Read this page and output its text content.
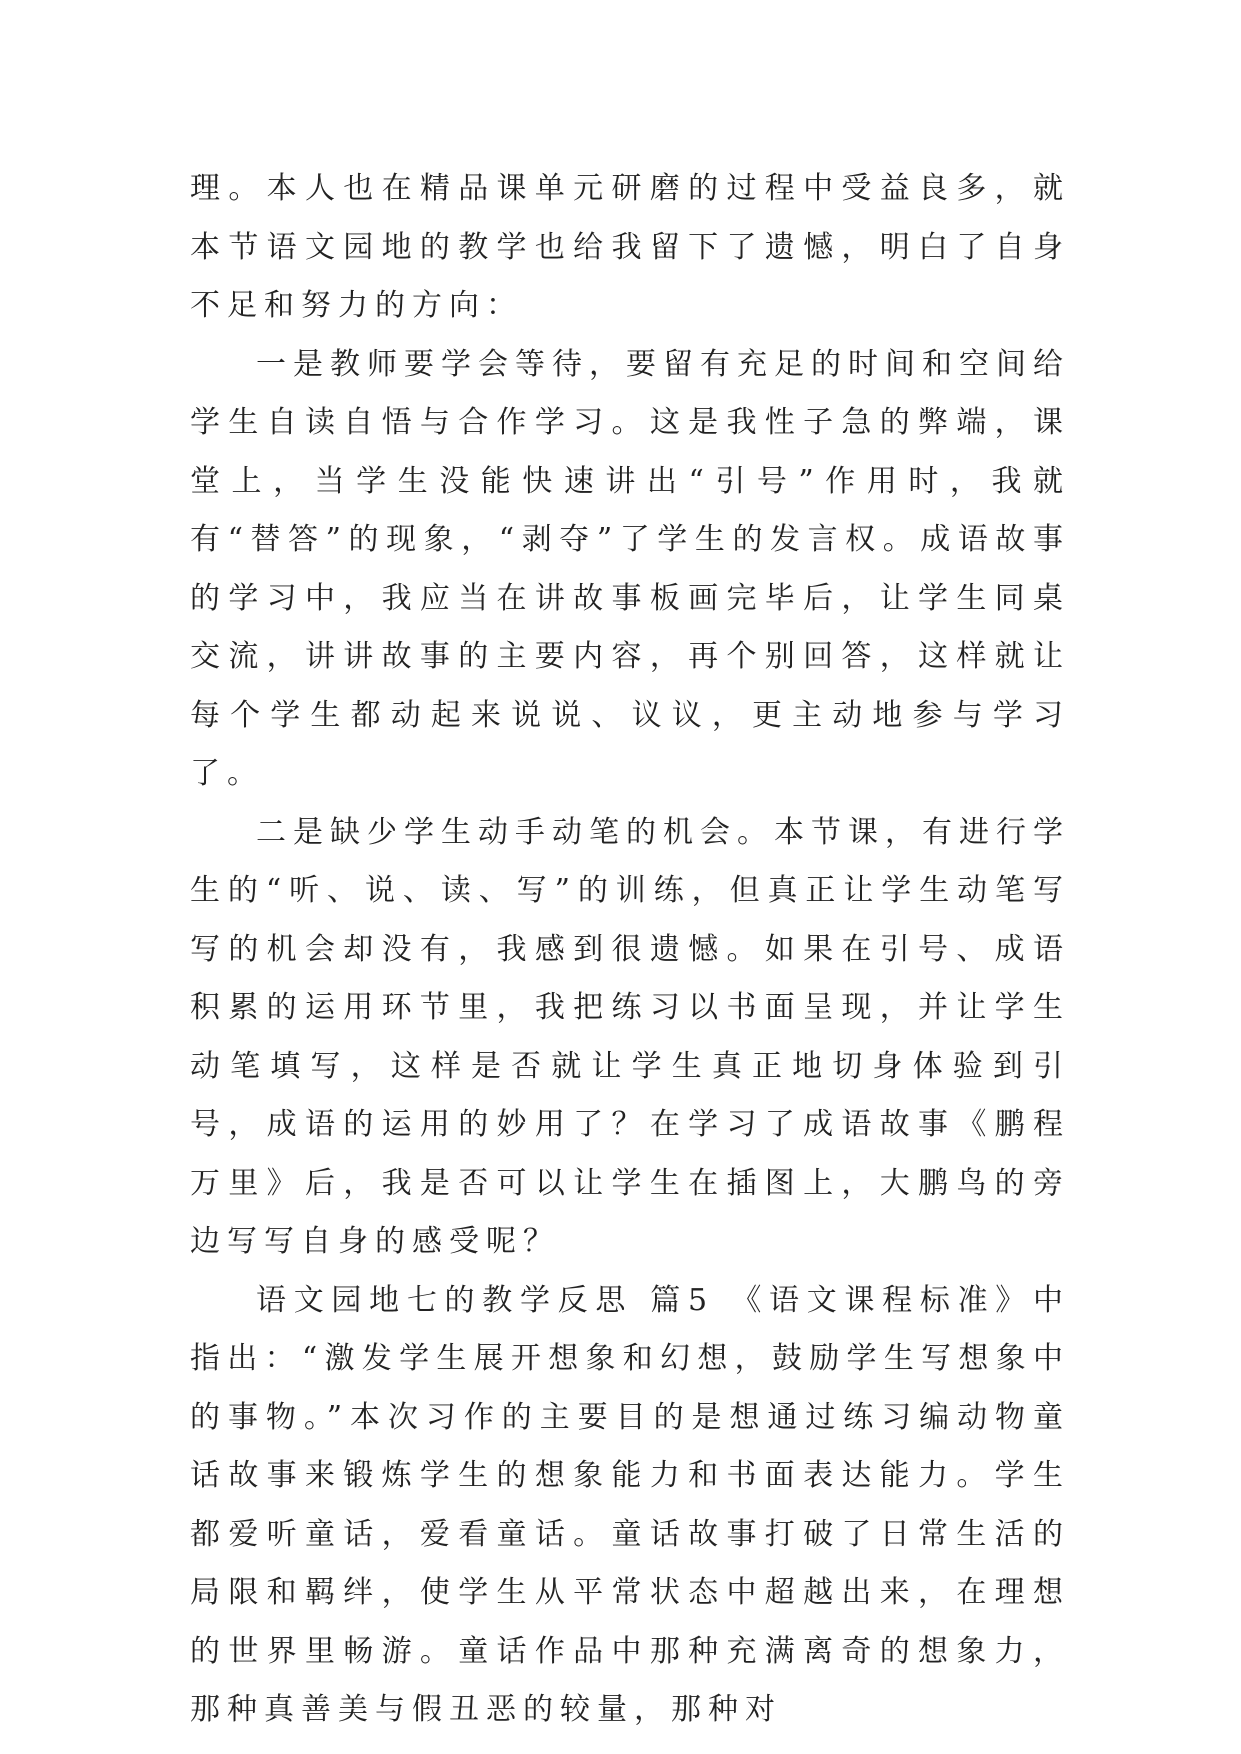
理。本人也在精品课单元研磨的过程中受益良多，就本节语文园地的教学也给我留下了遗憾，明白了自身不足和努力的方向：

一是教师要学会等待，要留有充足的时间和空间给学生自读自悟与合作学习。这是我性子急的弊端，课堂上，当学生没能快速讲出“引号”作用时，我就有“替答”的现象，“剥夺”了学生的发言权。成语故事的学习中，我应当在讲故事板画完毕后，让学生同桌交流，讲讲故事的主要内容，再个别回答，这样就让每个学生都动起来说说、议议，更主动地参与学习了。

二是缺少学生动手动笔的机会。本节课，有进行学生的“听、说、读、写”的训练，但真正让学生动笔写写的机会却没有，我感到很遗憾。如果在引号、成语积累的运用环节里，我把练习以书面呈现，并让学生动笔填写，这样是否就让学生真正地切身体验到引号，成语的运用的妙用了？在学习了成语故事《鹏程万里》后，我是否可以让学生在插图上，大鹏鸟的旁边写写自身的感受呢？

语文园地七的教学反思 篇5 《语文课程标准》中指出：“激发学生展开想象和幻想，鼓励学生写想象中的事物。”本次习作的主要目的是想通过练习编动物童话故事来锻炼学生的想象能力和书面表达能力。学生都爱听童话，爱看童话。童话故事打破了日常生活的局限和羁绊，使学生从平常状态中超越出来，在理想的世界里畅游。童话作品中那种充满离奇的想象力，那种真善美与假丑恶的较量，那种对
